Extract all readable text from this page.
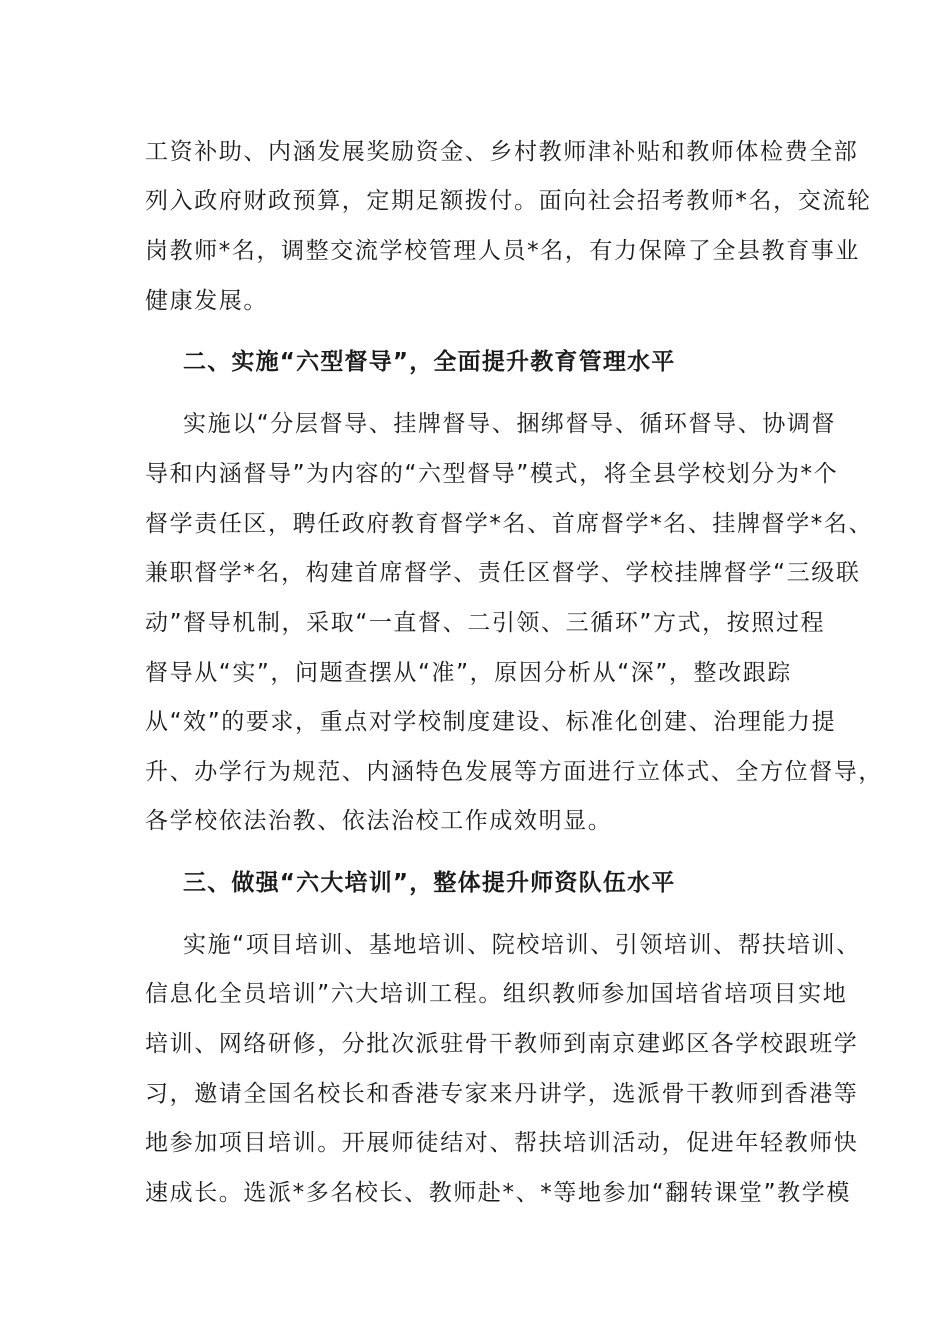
工资补助、内涵发展奖励资金、乡村教师津补贴和教师体检费全部
列入政府财政预算，定期足额拨付。面向社会招考教师*名，交流轮
岗教师*名，调整交流学校管理人员*名，有力保障了全县教育事业
健康发展。
二、实施“六型督导”，全面提升教育管理水平
实施以“分层督导、挂牌督导、捆绑督导、循环督导、协调督
导和内涵督导”为内容的“六型督导”模式，将全县学校划分为*个
督学责任区，聘任政府教育督学*名、首席督学*名、挂牌督学*名、
兼职督学*名，构建首席督学、责任区督学、学校挂牌督学“三级联
动”督导机制，采取“一直督、二引领、三循环”方式，按照过程
督导从“实”，问题查摆从“准”，原因分析从“深”，整改跟踪
从“效”的要求，重点对学校制度建设、标准化创建、治理能力提
升、办学行为规范、内涵特色发展等方面进行立体式、全方位督导，
各学校依法治教、依法治校工作成效明显。
三、做强“六大培训”，整体提升师资队伍水平
实施“项目培训、基地培训、院校培训、引领培训、帮扶培训、
信息化全员培训”六大培训工程。组织教师参加国培省培项目实地
培训、网络研修，分批次派驻骨干教师到南京建邺区各学校跟班学
习，邀请全国名校长和香港专家来丹讲学，选派骨干教师到香港等
地参加项目培训。开展师徒结对、帮扶培训活动，促进年轻教师快
速成长。选派*多名校长、教师赴*、*等地参加“翻转课堂”教学模
